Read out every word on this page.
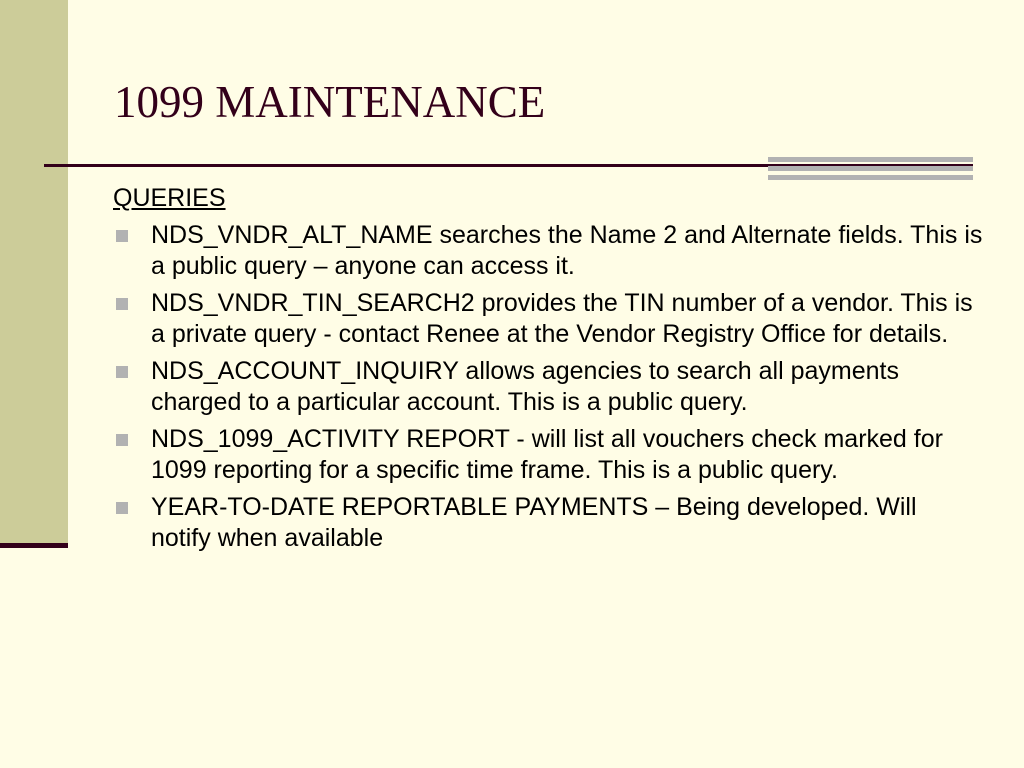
1099 MAINTENANCE
QUERIES
NDS_VNDR_ALT_NAME searches the Name 2 and Alternate fields. This is a public query – anyone can access it.
NDS_VNDR_TIN_SEARCH2 provides the TIN number of a vendor. This is a private query - contact Renee at the Vendor Registry Office for details.
NDS_ACCOUNT_INQUIRY allows agencies to search all payments charged to a particular account. This is a public query.
NDS_1099_ACTIVITY REPORT - will list all vouchers check marked for 1099 reporting for a specific time frame. This is a public query.
YEAR-TO-DATE REPORTABLE PAYMENTS – Being developed. Will notify when available
